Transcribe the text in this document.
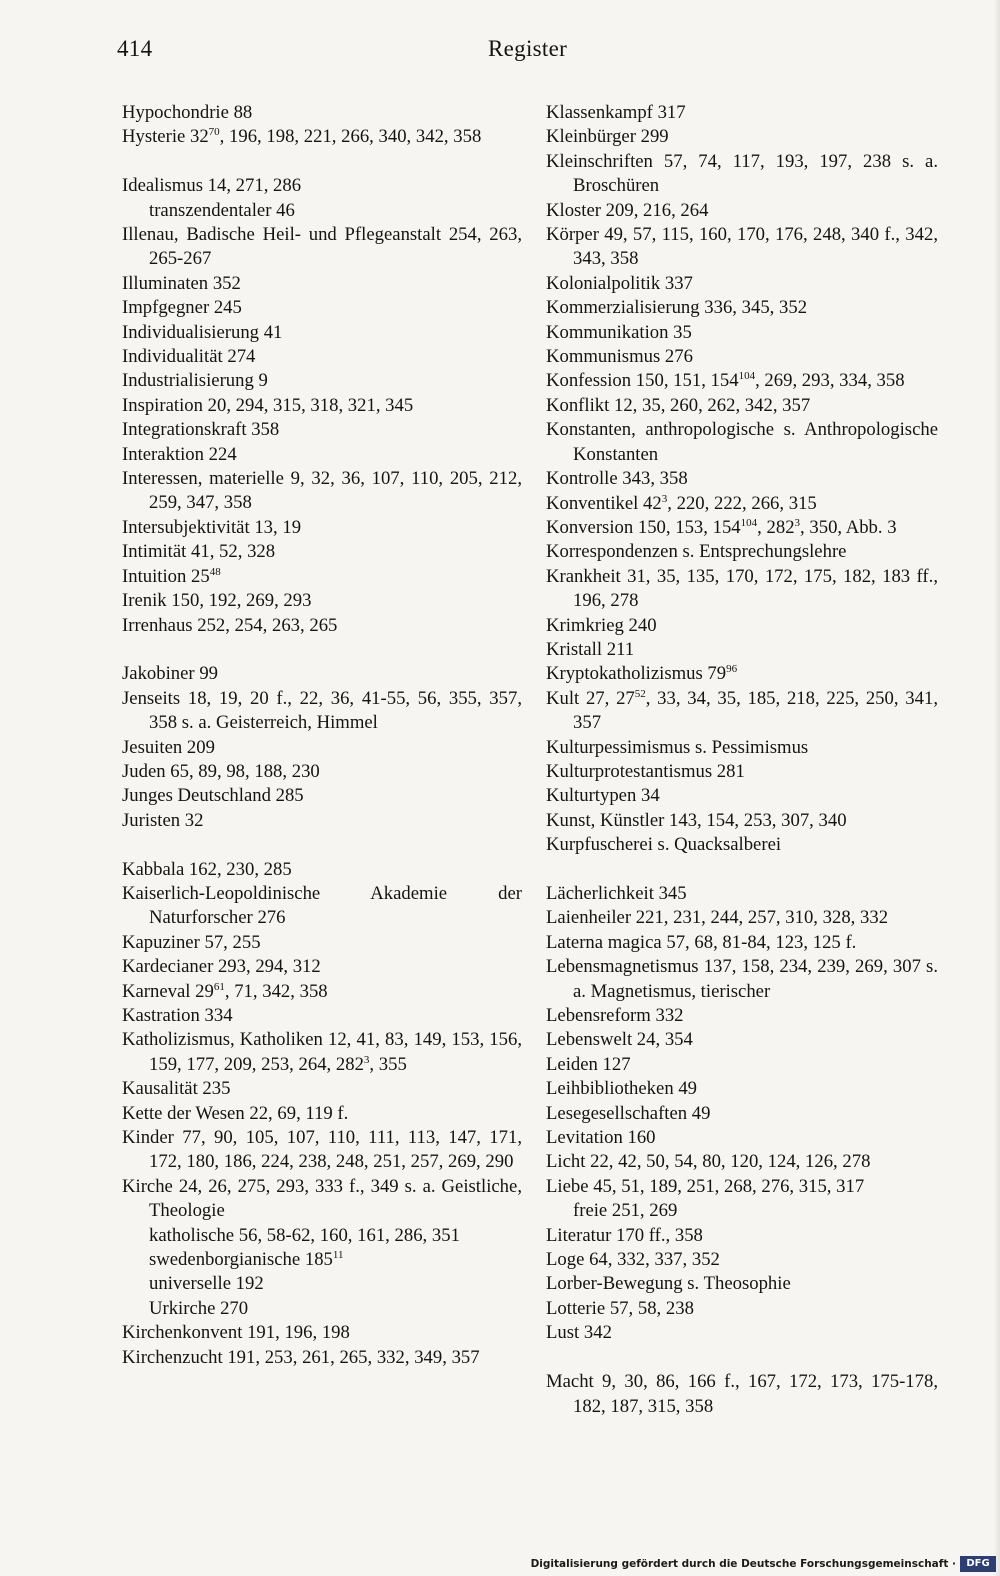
414	Register

Hypochondrie 88

Hysterie $32^{70}$, 196, 198, 221, 266, 340, 342, 358

Idealismus 14, 271, 286

transzendentaler 46

Illenau, Badische Heil- und Pflegeanstalt 254, 263, 265-267

Illuminaten 352

Impfgegner 245

Individualisierung 41

Individualität 274

Industrialisierung 9

Inspiration 20, 294, 315, 318, 321, 345

Integrationskraft 358

Interaktion 224

Interessen, materielle 9, 32, 36, 107, 110, 205, 212, 259, 347, 358

Intersubjektivität 13, 19

Intimität 41, 52, 328

Intuition $25^{48}$

Irenik 150, 192, 269, 293

Irrenhaus 252, 254, 263, 265

Jakobiner 99

Jenseits 18, 19, 20 f., 22, 36, 41-55, 56, 355, 357, 358 s. a. Geisterreich, Himmel

Jesuiten 209

Juden 65, 89, 98, 188, 230

Junges Deutschland 285

Juristen 32

Kabbala 162, 230, 285

Kaiserlich-Leopoldinische Akademie der Naturforscher 276

Kapuziner 57, 255

Kardecianer 293, 294, 312

Karneval $29^{61}$, 71, 342, 358

Kastration 334

Katholizismus, Katholiken 12, 41, 83, 149, 153, 156, 159, 177, 209, 253, 264, $282^3$, 355

Kausalität 235

Kette der Wesen 22, 69, 119 f.

Kinder 77, 90, 105, 107, 110, 111, 113, 147, 171, 172, 180, 186, 224, 238, 248, 251, 257, 269, 290

Kirche 24, 26, 275, 293, 333 f., 349 s. a. Geistliche, Theologie

katholische 56, 58-62, 160, 161, 286, 351

swedenborgianische $185^{11}$

universelle 192

Urkirche 270

Kirchenkonvent 191, 196, 198

Kirchenzucht 191, 253, 261, 265, 332, 349, 357

Klassenkampf 317

Kleinbürger 299

Kleinschriften 57, 74, 117, 193, 197, 238 s. a. Broschüren

Kloster 209, 216, 264

Körper 49, 57, 115, 160, 170, 176, 248, 340 f., 342, 343, 358

Kolonialpolitik 337

Kommerzialisierung 336, 345, 352

Kommunikation 35

Kommunismus 276

Konfession 150, 151, $154^{104}$, 269, 293, 334, 358

Konflikt 12, 35, 260, 262, 342, 357

Konstanten, anthropologische s. Anthropologische Konstanten

Kontrolle 343, 358

Konventikel $42^3$, 220, 222, 266, 315

Konversion 150, 153, $154^{104}$, $282^3$, 350, Abb. 3

Korrespondenzen s. Entsprechungslehre

Krankheit 31, 35, 135, 170, 172, 175, 182, 183 ff., 196, 278

Krimkrieg 240

Kristall 211

Kryptokatholizismus $79^{96}$

Kult 27, $27^{52}$, 33, 34, 35, 185, 218, 225, 250, 341, 357

Kulturpessimismus s. Pessimismus

Kulturprotestantismus 281

Kulturtypen 34

Kunst, Künstler 143, 154, 253, 307, 340

Kurpfuscherei s. Quacksalberei

Lächerlichkeit 345

Laienheiler 221, 231, 244, 257, 310, 328, 332

Laterna magica 57, 68, 81-84, 123, 125 f.

Lebensmagnetismus 137, 158, 234, 239, 269, 307 s. a. Magnetismus, tierischer

Lebensreform 332

Lebenswelt 24, 354

Leiden 127

Leihbibliotheken 49

Lesegesellschaften 49

Levitation 160

Licht 22, 42, 50, 54, 80, 120, 124, 126, 278

Liebe 45, 51, 189, 251, 268, 276, 315, 317

freie 251, 269

Literatur 170 ff., 358

Loge 64, 332, 337, 352

Lorber-Bewegung s. Theosophie

Lotterie 57, 58, 238

Lust 342

Macht 9, 30, 86, 166 f., 167, 172, 173, 175-178, 182, 187, 315, 358

Digitalisierung gefördert durch die Deutsche Forschungsgemeinschaft ·	DFG
